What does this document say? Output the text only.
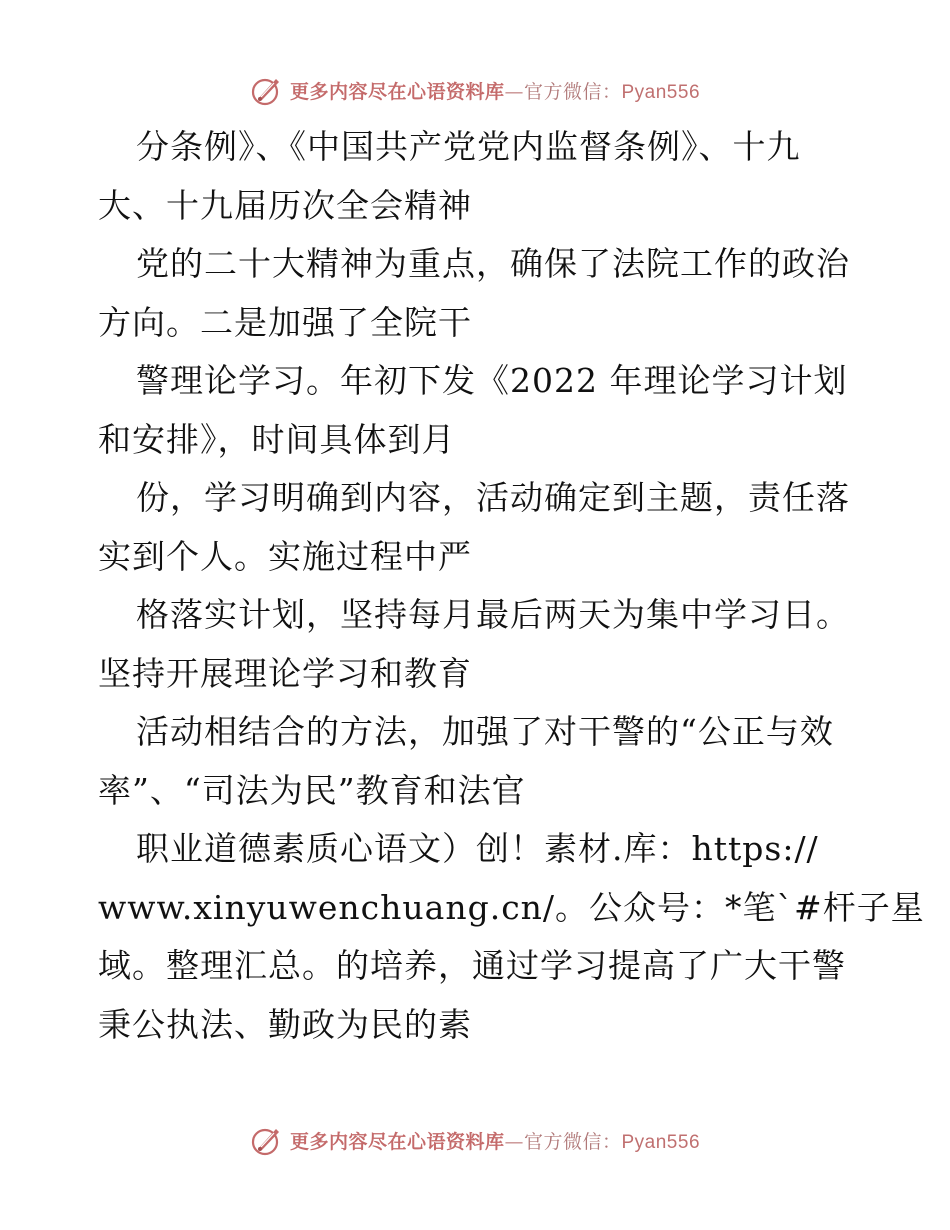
更多内容尽在心语资料库—官方微信：Pyan556
分条例》、《中国共产党党内监督条例》、十九
大、十九届历次全会精神
党的二十大精神为重点，确保了法院工作的政治
方向。二是加强了全院干
警理论学习。年初下发《2022 年理论学习计划
和安排》，时间具体到月
份，学习明确到内容，活动确定到主题，责任落
实到个人。实施过程中严
格落实计划，坚持每月最后两天为集中学习日。
坚持开展理论学习和教育
活动相结合的方法，加强了对干警的“公正与效
率”、“司法为民”教育和法官
职业道德素质心语文）创！素材.库：https://
www.xinyuwenchuang.cn/。公众号：*笔`#杆子星
域。整理汇总。的培养，通过学习提高了广大干警
秉公执法、勤政为民的素
更多内容尽在心语资料库—官方微信：Pyan556
